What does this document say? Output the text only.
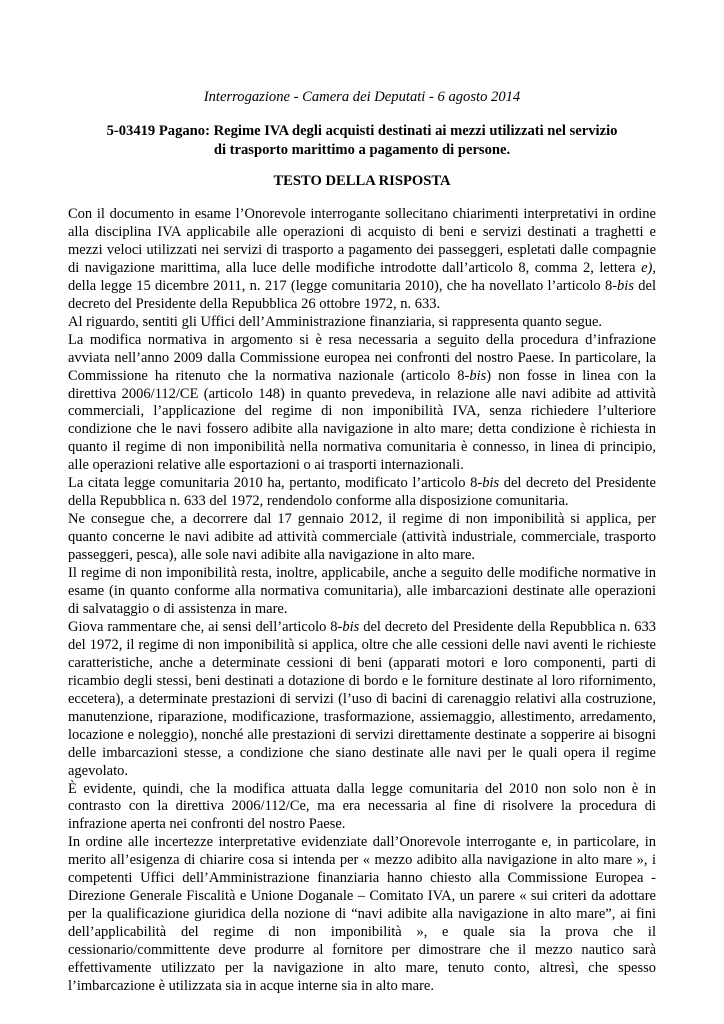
Interrogazione - Camera dei Deputati - 6 agosto 2014
5-03419 Pagano: Regime IVA degli acquisti destinati ai mezzi utilizzati nel servizio di trasporto marittimo a pagamento di persone.
TESTO DELLA RISPOSTA

Con il documento in esame l’Onorevole interrogante sollecitano chiarimenti interpretativi in ordine alla disciplina IVA applicabile alle operazioni di acquisto di beni e servizi destinati a traghetti e mezzi veloci utilizzati nei servizi di trasporto a pagamento dei passeggeri, espletati dalle compagnie di navigazione marittima, alla luce delle modifiche introdotte dall’articolo 8, comma 2, lettera e), della legge 15 dicembre 2011, n. 217 (legge comunitaria 2010), che ha novellato l’articolo 8-bis del decreto del Presidente della Repubblica 26 ottobre 1972, n. 633.

Al riguardo, sentiti gli Uffici dell’Amministrazione finanziaria, si rappresenta quanto segue.

La modifica normativa in argomento si è resa necessaria a seguito della procedura d’infrazione avviata nell’anno 2009 dalla Commissione europea nei confronti del nostro Paese. In particolare, la Commissione ha ritenuto che la normativa nazionale (articolo 8-bis) non fosse in linea con la direttiva 2006/112/CE (articolo 148) in quanto prevedeva, in relazione alle navi adibite ad attività commerciali, l’applicazione del regime di non imponibilità IVA, senza richiedere l’ulteriore condizione che le navi fossero adibite alla navigazione in alto mare; detta condizione è richiesta in quanto il regime di non imponibilità nella normativa comunitaria è connesso, in linea di principio, alle operazioni relative alle esportazioni o ai trasporti internazionali.

La citata legge comunitaria 2010 ha, pertanto, modificato l’articolo 8-bis del decreto del Presidente della Repubblica n. 633 del 1972, rendendolo conforme alla disposizione comunitaria.

Ne consegue che, a decorrere dal 17 gennaio 2012, il regime di non imponibilità si applica, per quanto concerne le navi adibite ad attività commerciale (attività industriale, commerciale, trasporto passeggeri, pesca), alle sole navi adibite alla navigazione in alto mare.

Il regime di non imponibilità resta, inoltre, applicabile, anche a seguito delle modifiche normative in esame (in quanto conforme alla normativa comunitaria), alle imbarcazioni destinate alle operazioni di salvataggio o di assistenza in mare.

Giova rammentare che, ai sensi dell’articolo 8-bis del decreto del Presidente della Repubblica n. 633 del 1972, il regime di non imponibilità si applica, oltre che alle cessioni delle navi aventi le richieste caratteristiche, anche a determinate cessioni di beni (apparati motori e loro componenti, parti di ricambio degli stessi, beni destinati a dotazione di bordo e le forniture destinate al loro rifornimento, eccetera), a determinate prestazioni di servizi (l’uso di bacini di carenaggio relativi alla costruzione, manutenzione, riparazione, modificazione, trasformazione, assiemaggio, allestimento, arredamento, locazione e noleggio), nonché alle prestazioni di servizi direttamente destinate a sopperire ai bisogni delle imbarcazioni stesse, a condizione che siano destinate alle navi per le quali opera il regime agevolato.

È evidente, quindi, che la modifica attuata dalla legge comunitaria del 2010 non solo non è in contrasto con la direttiva 2006/112/Ce, ma era necessaria al fine di risolvere la procedura di infrazione aperta nei confronti del nostro Paese.

In ordine alle incertezze interpretative evidenziate dall’Onorevole interrogante e, in particolare, in merito all’esigenza di chiarire cosa si intenda per « mezzo adibito alla navigazione in alto mare », i competenti Uffici dell’Amministrazione finanziaria hanno chiesto alla Commissione Europea - Direzione Generale Fiscalità e Unione Doganale – Comitato IVA, un parere « sui criteri da adottare per la qualificazione giuridica della nozione di “navi adibite alla navigazione in alto mare”, ai fini dell’applicabilità del regime di non imponibilità », e quale sia la prova che il cessionario/committente deve produrre al fornitore per dimostrare che il mezzo nautico sarà effettivamente utilizzato per la navigazione in alto mare, tenuto conto, altresì, che spesso l’imbarcazione è utilizzata sia in acque interne sia in alto mare.
